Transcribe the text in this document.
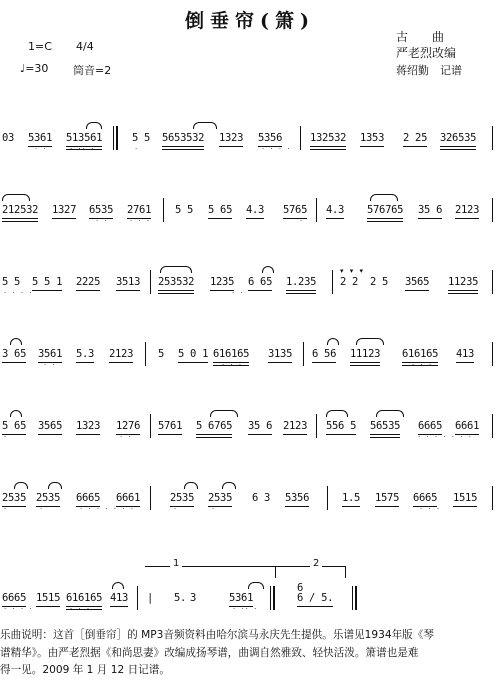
倒垂帘(箫)
1=C 4/4
♩=30 筒音=2
古　　曲
严老烈改编
蒋绍勤　记谱
03 5361 513561	5 5 5653532 1323 5356	132532 1353 2 25 326535
· ·	· ·· ·	·	· · · ·
212532 1327 6535 2761 5 5 5 65 4.3 5765 4.3 576765 35 6 2123
· ·	· · ·	·
5 5 5 5 1 2225 3513 253532 1235 6 65 1.235
▾ ▾ ▾
2 2 2 5 3565 11235
· · · ·	· ·
3 65 3561 5.3 2123 5 5 0 1 616165 3135 6 56 11123 616165 413
· ·	· · ·	· · ·
5 65 3565 1323 1276 5761 5 6765 35 6 2123 556 5 56535 6665 6661
·	· ·	· · · · · · ·
2535 2535 6665 6661	2535 2535 6 3 5356	1.5 1575 6665 1515
·	·	· · · · · · ·	·	·	· · ·
1	2
6665 1515 616165 413 | 5. 3	5361
6
6 / 5.
· · · ·	· · ·	· ·· ·
乐曲说明：这首［倒垂帘］的 MP3音频资料由哈尔滨马永庆先生提供。乐谱见1934年版《琴
谱精华》。由严老烈据《和尚思妻》改编成扬琴谱，曲调自然雅致、轻快活泼。箫谱也是难
得一见。2009 年 1 月 12 日记谱。
